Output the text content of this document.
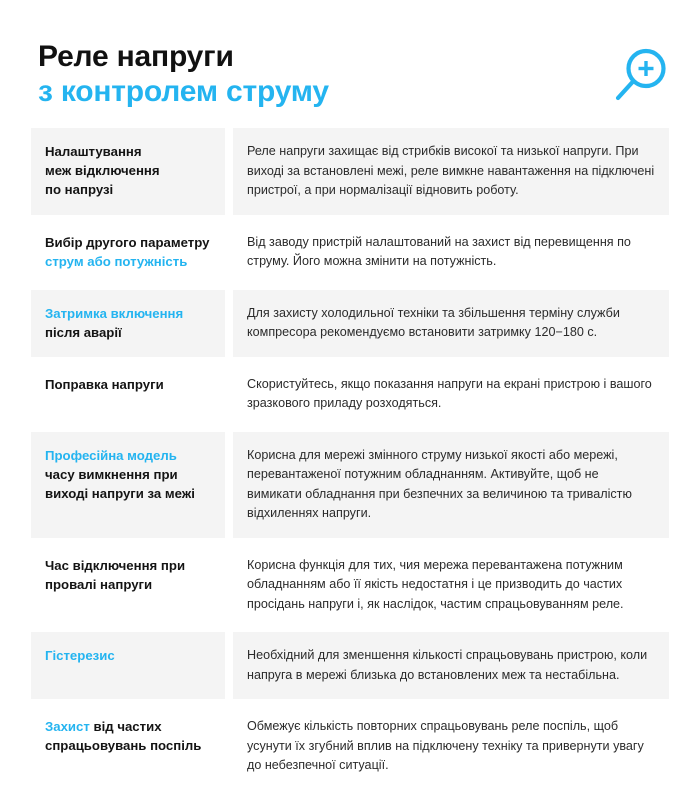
Реле напруги
з контролем струму
Налаштування
меж відключення
по напрузі
Реле напруги захищає від стрибків високої та низької напруги. При виході за встановлені межі, реле вимкне навантаження на підключені пристрої, а при нормалізації відновить роботу.
Вибір другого параметру
струм або потужність
Від заводу пристрій налаштований на захист від перевищення по струму. Його можна змінити на потужність.
Затримка включення
після аварії
Для захисту холодильної техніки та збільшення терміну служби компресора рекомендуємо встановити затримку 120−180 с.
Поправка напруги	Скористуйтесь, якщо показання напруги на екрані пристрою і вашого зразкового приладу розходяться.
Професійна модель
часу вимкнення при
виході напруги за межі
Корисна для мережі змінного струму низької якості або мережі, перевантаженої потужним обладнанням. Активуйте, щоб не вимикати обладнання при безпечних за величиною та тривалістю відхиленнях напруги.
Час відключення при
провалі напруги
Корисна функція для тих, чия мережа перевантажена потужним обладнанням або її якість недостатня і це призводить до частих просідань напруги і, як наслідок, частим спрацьовуванням реле.
Гістерезис	Необхідний для зменшення кількості спрацьовувань пристрою, коли напруга в мережі близька до встановлених меж та нестабільна.
Захист від частих
спрацьовувань поспіль
Обмежує кількість повторних спрацьовувань реле поспіль, щоб усунути їх згубний вплив на підключену техніку та привернути увагу до небезпечної ситуації.
